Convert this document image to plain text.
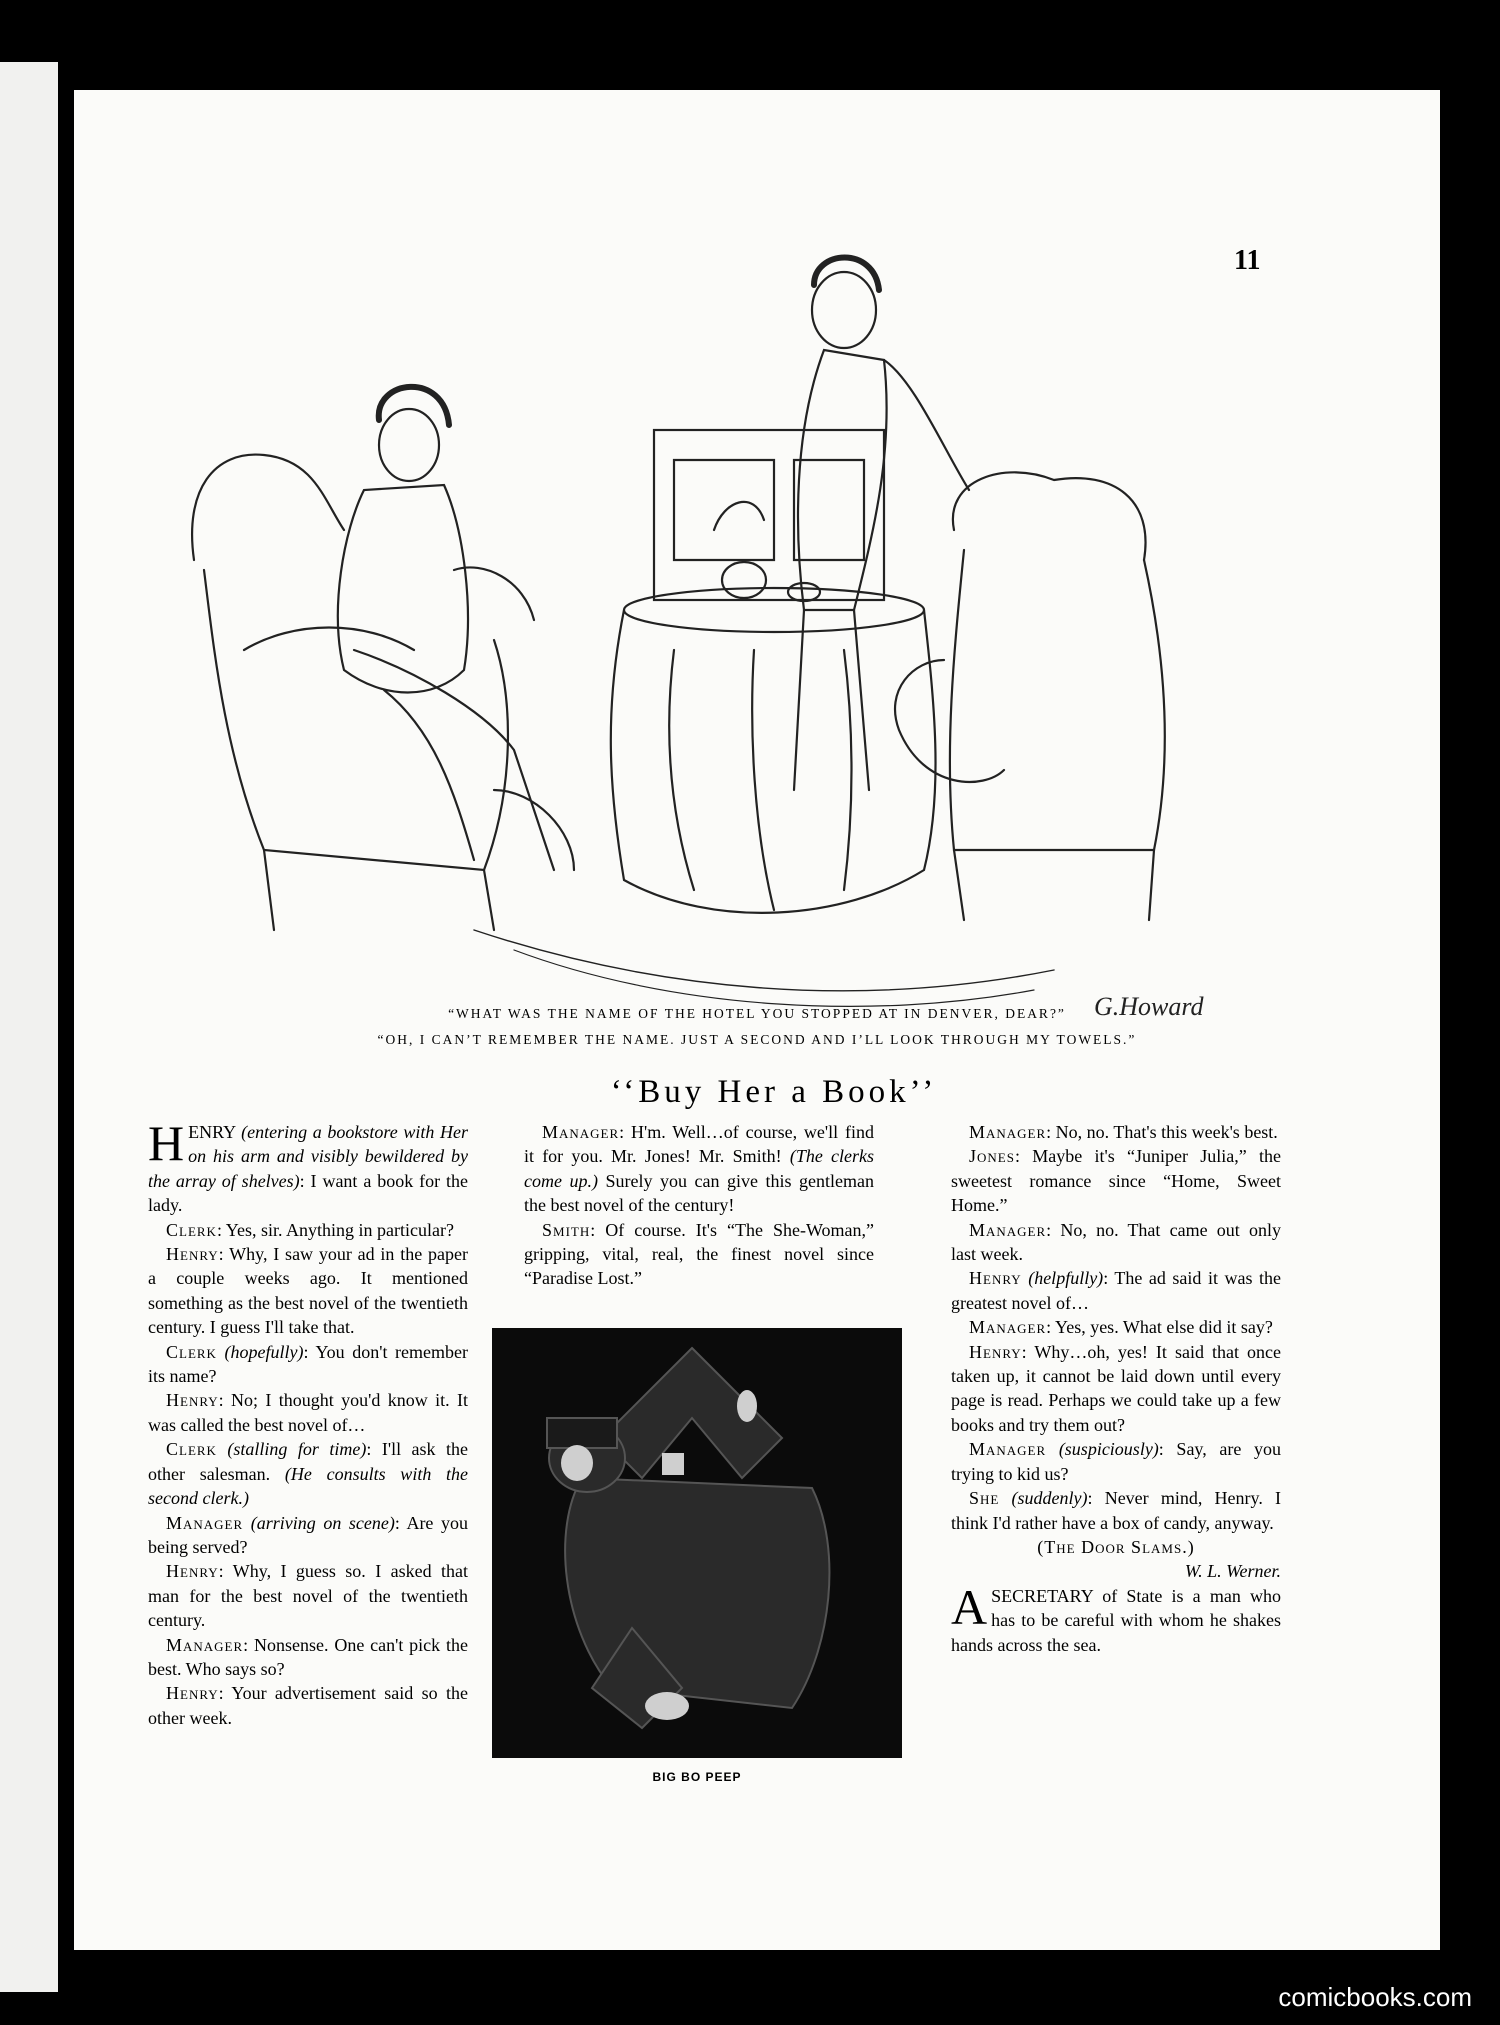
11
G.Howard
“WHAT WAS THE NAME OF THE HOTEL YOU STOPPED AT IN DENVER, DEAR?”
“OH, I CAN’T REMEMBER THE NAME. JUST A SECOND AND I’LL LOOK THROUGH MY TOWELS.”
‘‘Buy Her a Book’’

HENRY (entering a bookstore with Her on his arm and visibly bewildered by the array of shelves): I want a book for the lady.

Clerk: Yes, sir. Anything in particular?

Henry: Why, I saw your ad in the paper a couple weeks ago. It mentioned something as the best novel of the twentieth century. I guess I'll take that.

Clerk (hopefully): You don't remember its name?

Henry: No; I thought you'd know it. It was called the best novel of…

Clerk (stalling for time): I'll ask the other salesman. (He consults with the second clerk.)

Manager (arriving on scene): Are you being served?

Henry: Why, I guess so. I asked that man for the best novel of the twentieth century.

Manager: Nonsense. One can't pick the best. Who says so?

Henry: Your advertisement said so the other week.

Manager: H'm. Well…of course, we'll find it for you. Mr. Jones! Mr. Smith! (The clerks come up.) Surely you can give this gentleman the best novel of the century!

Smith: Of course. It's “The She-Woman,” gripping, vital, real, the finest novel since “Paradise Lost.”

BIG BO PEEP

Manager: No, no. That's this week's best.

Jones: Maybe it's “Juniper Julia,” the sweetest romance since “Home, Sweet Home.”

Manager: No, no. That came out only last week.

Henry (helpfully): The ad said it was the greatest novel of…

Manager: Yes, yes. What else did it say?

Henry: Why…oh, yes! It said that once taken up, it cannot be laid down until every page is read. Perhaps we could take up a few books and try them out?

Manager (suspiciously): Say, are you trying to kid us?

She (suddenly): Never mind, Henry. I think I'd rather have a box of candy, anyway.

(The Door Slams.)

W. L. Werner.

ASECRETARY of State is a man who has to be careful with whom he shakes hands across the sea.

comicbooks.com
